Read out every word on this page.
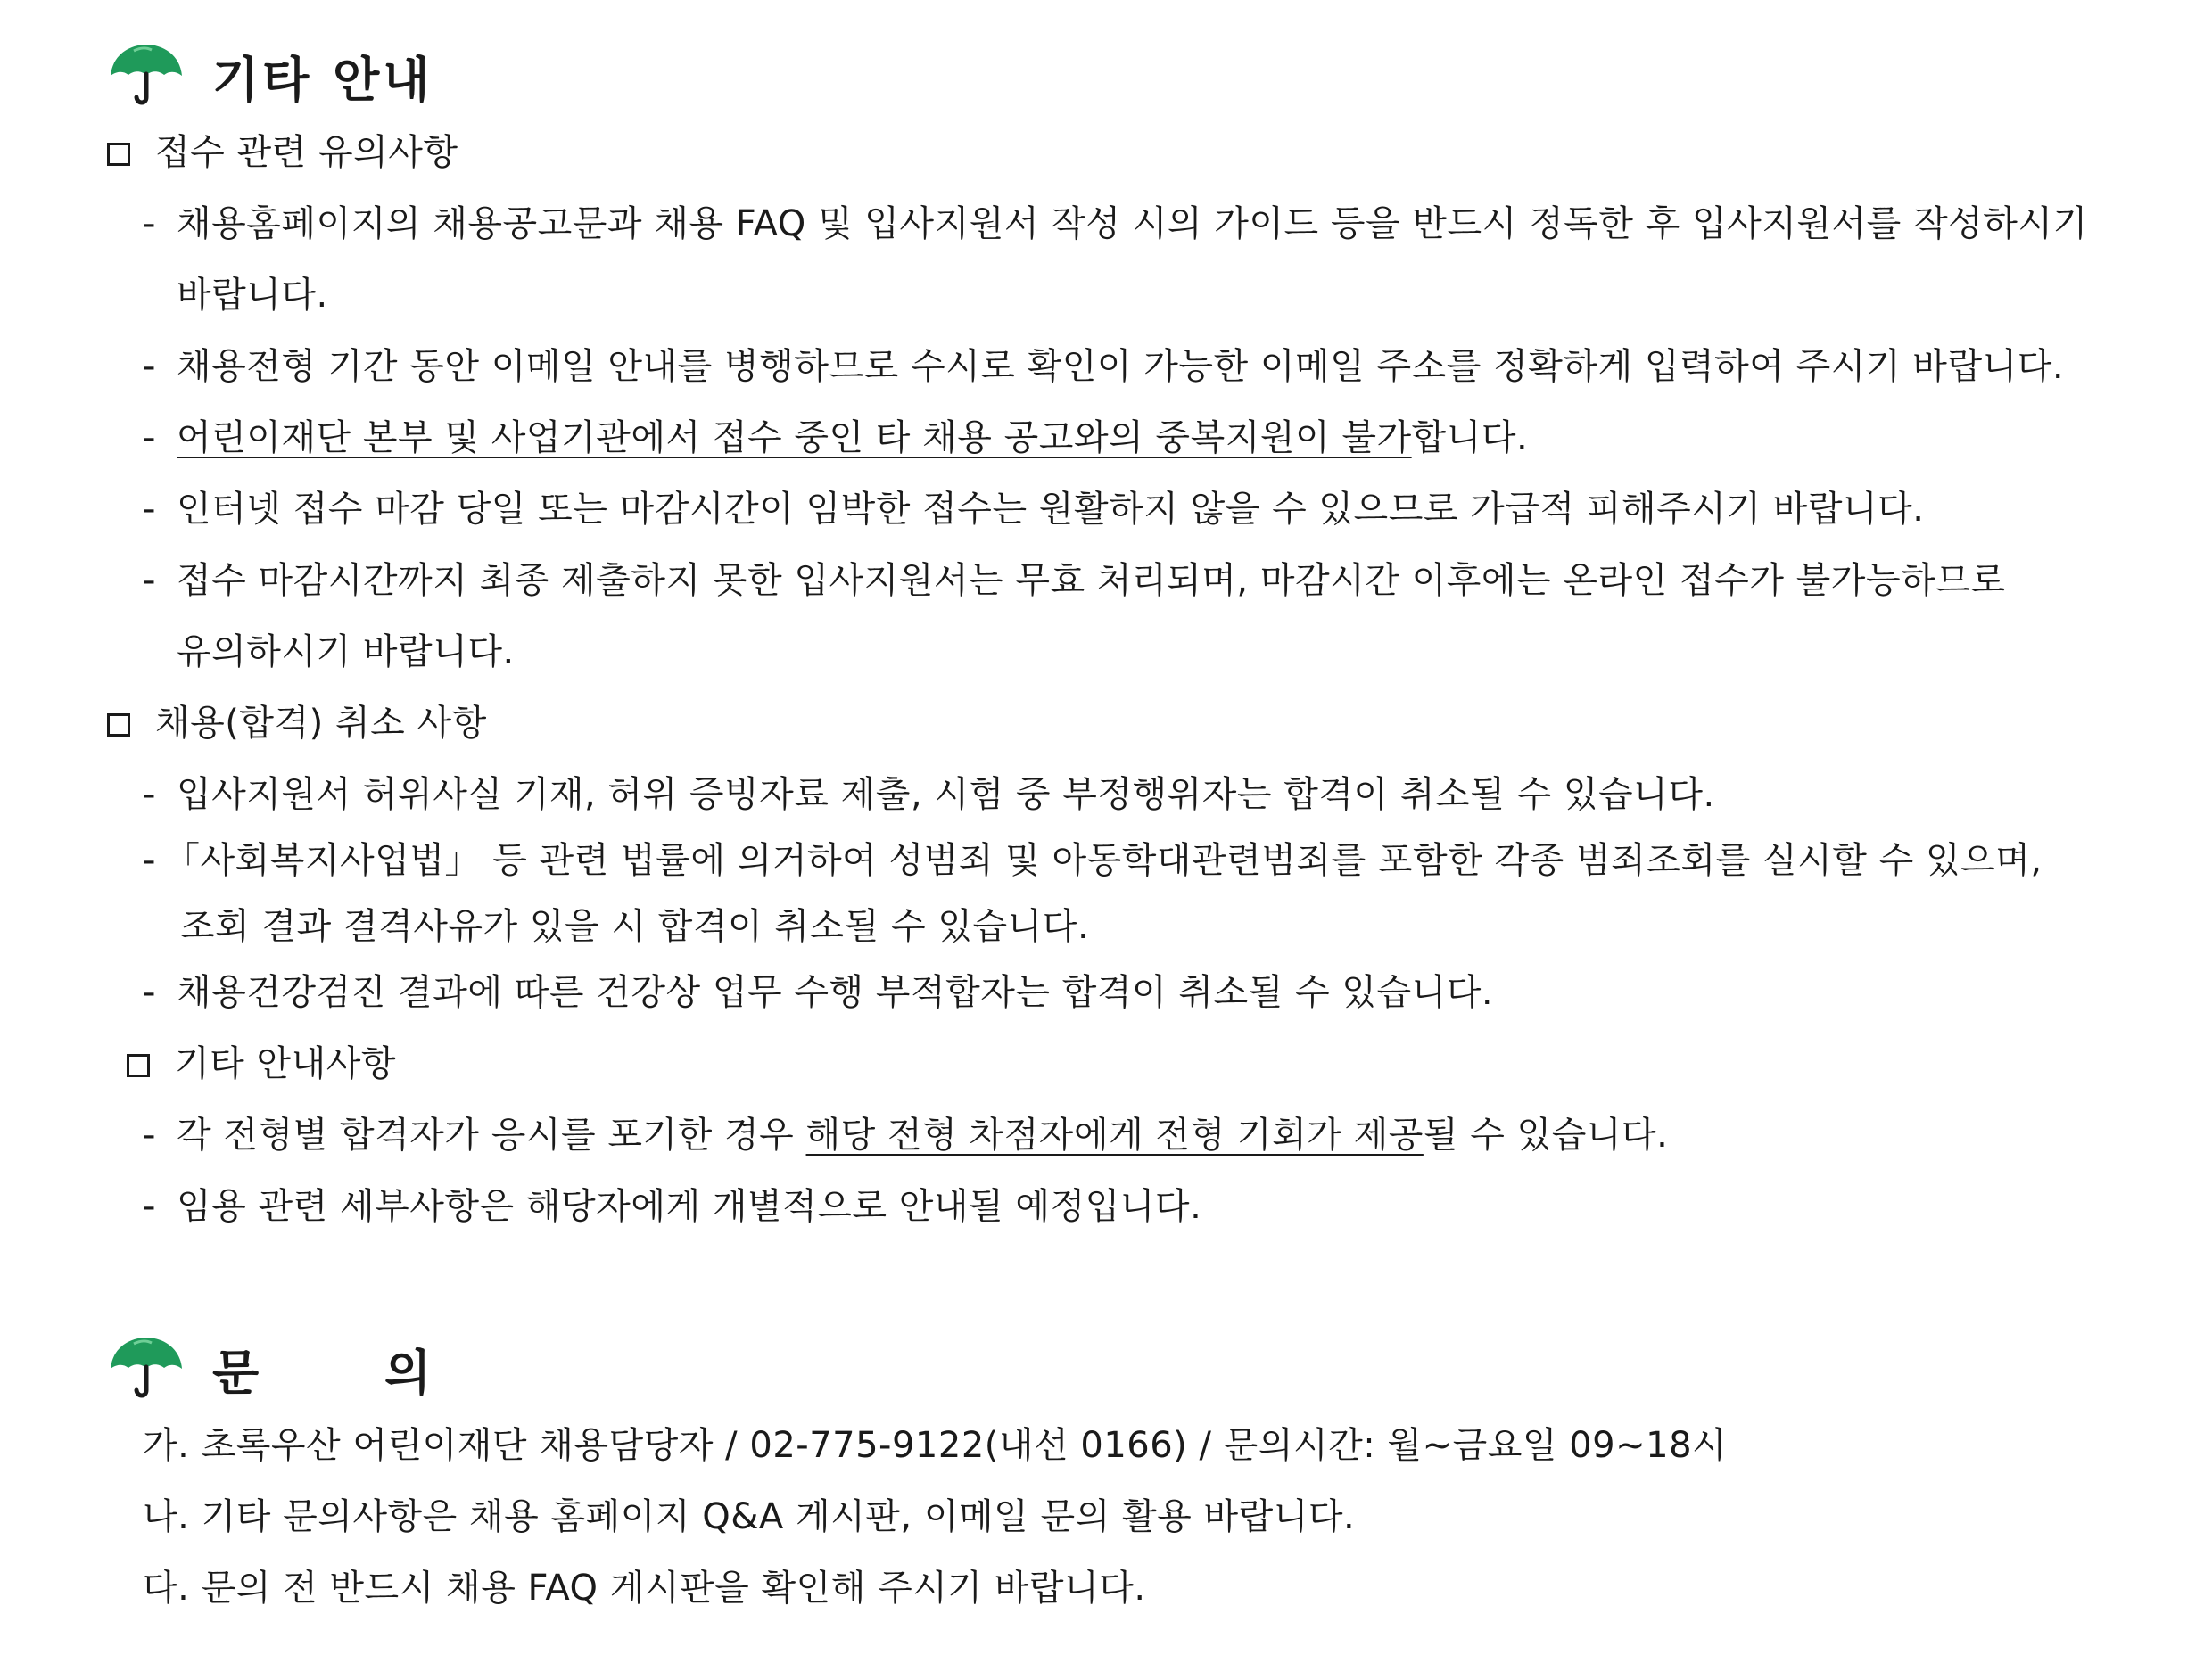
기타 안내
접수 관련 유의사항
- 채용홈페이지의 채용공고문과 채용 FAQ 및 입사지원서 작성 시의 가이드 등을 반드시 정독한 후 입사지원서를 작성하시기
바랍니다.
- 채용전형 기간 동안 이메일 안내를 병행하므로 수시로 확인이 가능한 이메일 주소를 정확하게 입력하여 주시기 바랍니다.
- 어린이재단 본부 및 사업기관에서 접수 중인 타 채용 공고와의 중복지원이 불가합니다.
- 인터넷 접수 마감 당일 또는 마감시간이 임박한 접수는 원활하지 않을 수 있으므로 가급적 피해주시기 바랍니다.
- 접수 마감시간까지 최종 제출하지 못한 입사지원서는 무효 처리되며, 마감시간 이후에는 온라인 접수가 불가능하므로
유의하시기 바랍니다.
채용(합격) 취소 사항
- 입사지원서 허위사실 기재, 허위 증빙자료 제출, 시험 중 부정행위자는 합격이 취소될 수 있습니다.
- 「사회복지사업법」 등 관련 법률에 의거하여 성범죄 및 아동학대관련범죄를 포함한 각종 범죄조회를 실시할 수 있으며,
조회 결과 결격사유가 있을 시 합격이 취소될 수 있습니다.
- 채용건강검진 결과에 따른 건강상 업무 수행 부적합자는 합격이 취소될 수 있습니다.
기타 안내사항
- 각 전형별 합격자가 응시를 포기한 경우 해당 전형 차점자에게 전형 기회가 제공될 수 있습니다.
- 임용 관련 세부사항은 해당자에게 개별적으로 안내될 예정입니다.
문      의
가. 초록우산 어린이재단 채용담당자 / 02-775-9122(내선 0166) / 문의시간: 월~금요일 09~18시
나. 기타 문의사항은 채용 홈페이지 Q&A 게시판, 이메일 문의 활용 바랍니다.
다. 문의 전 반드시 채용 FAQ 게시판을 확인해 주시기 바랍니다.
